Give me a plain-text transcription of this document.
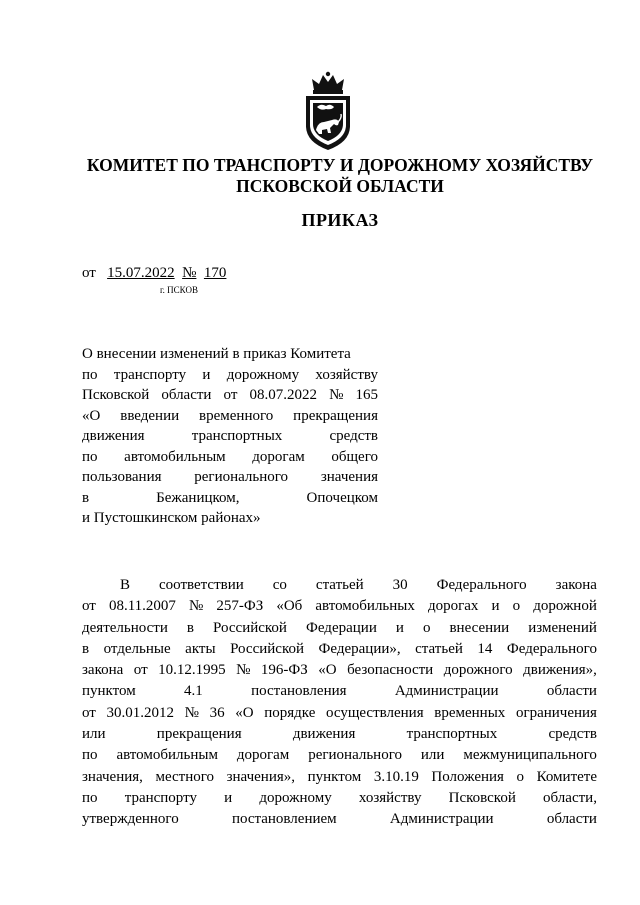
КОМИТЕТ ПО ТРАНСПОРТУ И ДОРОЖНОМУ ХОЗЯЙСТВУ
ПСКОВСКОЙ ОБЛАСТИ
ПРИКАЗ
от 15.07.2022 № 170
г. ПСКОВ
О внесении изменений в приказ Комитета
по транспорту и дорожному хозяйству
Псковской области от 08.07.2022 № 165
«О введении временного прекращения
движения	транспортных	средств
по автомобильным дорогам общего
пользования регионального значения
в	Бежаницком,	Опочецком
и Пустошкинском районах»
В соответствии со статьей 30 Федерального закона
от 08.11.2007 № 257-ФЗ «Об автомобильных дорогах и о дорожной
деятельности в Российской Федерации и о внесении изменений
в отдельные акты Российской Федерации», статьей 14 Федерального
закона от 10.12.1995 № 196-ФЗ «О безопасности дорожного движения»,
пунктом	4.1	постановления	Администрации	области
от 30.01.2012 № 36 «О порядке осуществления временных ограничения
или	прекращения	движения	транспортных	средств
по автомобильным дорогам регионального или межмуниципального
значения, местного значения», пунктом 3.10.19 Положения о Комитете
по транспорту и дорожному хозяйству Псковской области,
утвержденного	постановлением	Администрации	области
